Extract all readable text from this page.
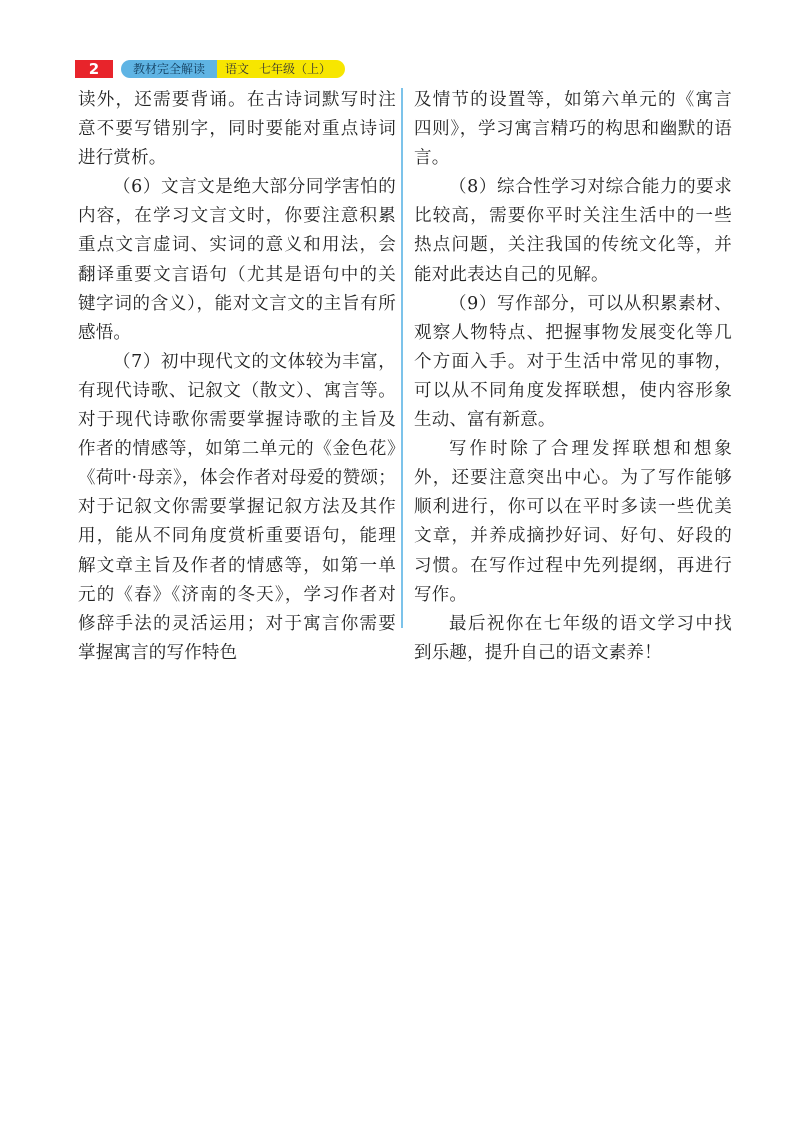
2	教材完全解读	语文 七年级（上）

读外，还需要背诵。在古诗词默写时注意不要写错别字，同时要能对重点诗词进行赏析。

（6）文言文是绝大部分同学害怕的内容，在学习文言文时，你要注意积累重点文言虚词、实词的意义和用法，会翻译重要文言语句（尤其是语句中的关键字词的含义），能对文言文的主旨有所感悟。

（7）初中现代文的文体较为丰富，有现代诗歌、记叙文（散文）、寓言等。对于现代诗歌你需要掌握诗歌的主旨及作者的情感等，如第二单元的《金色花》《荷叶·母亲》，体会作者对母爱的赞颂；对于记叙文你需要掌握记叙方法及其作用，能从不同角度赏析重要语句，能理解文章主旨及作者的情感等，如第一单元的《春》《济南的冬天》，学习作者对修辞手法的灵活运用；对于寓言你需要掌握寓言的写作特色

及情节的设置等，如第六单元的《寓言四则》，学习寓言精巧的构思和幽默的语言。

（8）综合性学习对综合能力的要求比较高，需要你平时关注生活中的一些热点问题，关注我国的传统文化等，并能对此表达自己的见解。

（9）写作部分，可以从积累素材、观察人物特点、把握事物发展变化等几个方面入手。对于生活中常见的事物，可以从不同角度发挥联想，使内容形象生动、富有新意。

写作时除了合理发挥联想和想象外，还要注意突出中心。为了写作能够顺利进行，你可以在平时多读一些优美文章，并养成摘抄好词、好句、好段的习惯。在写作过程中先列提纲，再进行写作。

最后祝你在七年级的语文学习中找到乐趣，提升自己的语文素养！
